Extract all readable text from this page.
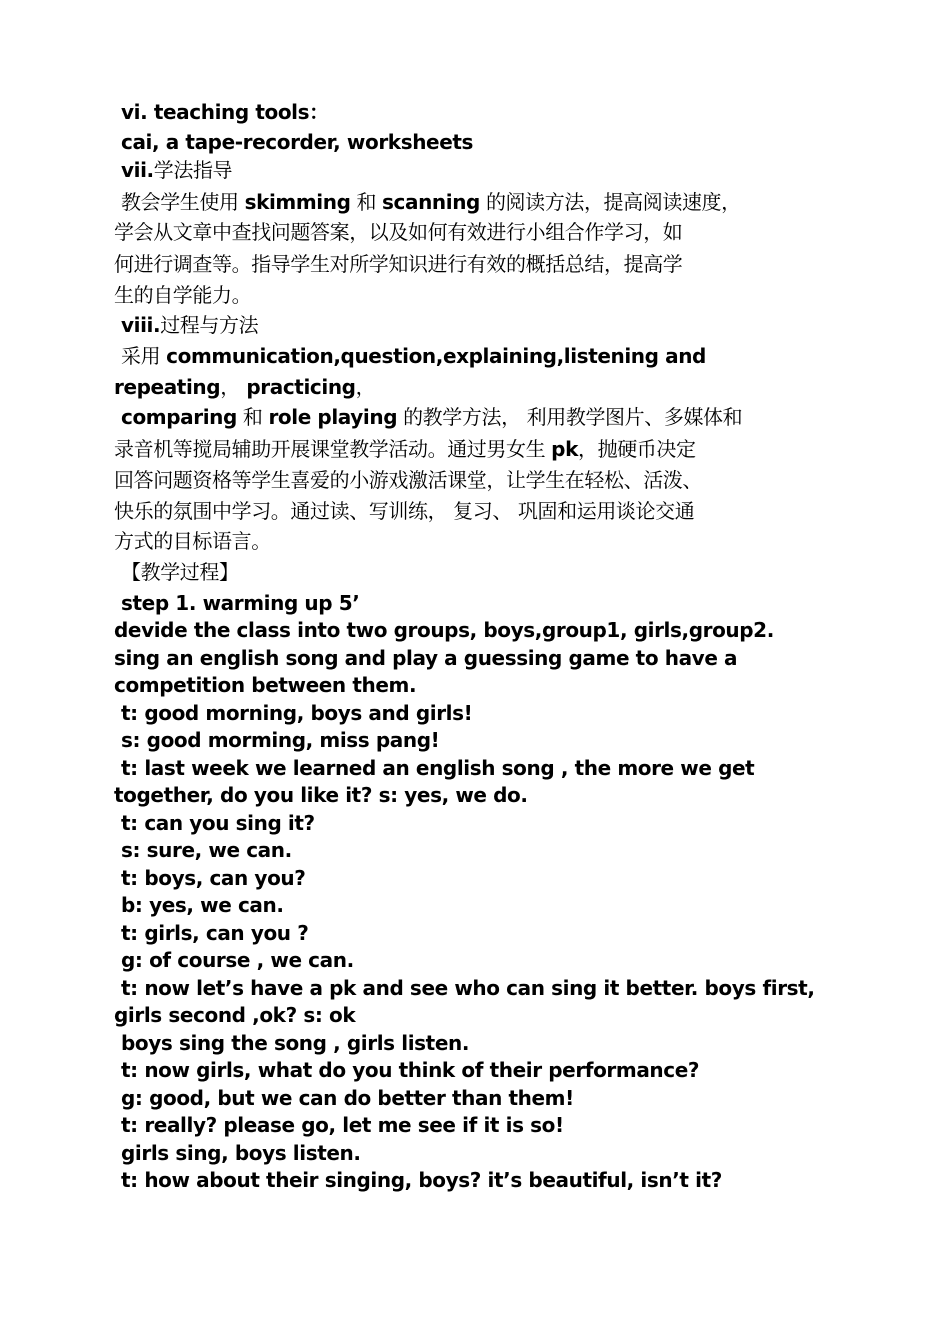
vi. teaching tools：
cai, a tape-recorder, worksheets
vii.学法指导
教会学生使用 skimming 和 scanning 的阅读方法，提高阅读速度，
学会从文章中查找问题答案，以及如何有效进行小组合作学习，如
何进行调查等。指导学生对所学知识进行有效的概括总结，提高学
生的自学能力。
viii.过程与方法
采用 communication,question,explaining,listening and
repeating， practicing，
comparing 和 role playing 的教学方法， 利用教学图片、多媒体和
录音机等搅局辅助开展课堂教学活动。通过男女生 pk，抛硬币决定
回答问题资格等学生喜爱的小游戏激活课堂，让学生在轻松、活泼、
快乐的氛围中学习。通过读、写训练， 复习、 巩固和运用谈论交通
方式的目标语言。
【教学过程】
step 1. warming up 5’
devide the class into two groups, boys,group1, girls,group2.
sing an english song and play a guessing game to have a
competition between them.
t: good morning, boys and girls!
s: good morming, miss pang!
t: last week we learned an english song , the more we get
together, do you like it? s: yes, we do.
t: can you sing it?
s: sure, we can.
t: boys, can you?
b: yes, we can.
t: girls, can you ?
g: of course , we can.
t: now let’s have a pk and see who can sing it better. boys first,
girls second ,ok? s: ok
boys sing the song , girls listen.
t: now girls, what do you think of their performance?
g: good, but we can do better than them!
t: really? please go, let me see if it is so!
girls sing, boys listen.
t: how about their singing, boys? it’s beautiful, isn’t it?
